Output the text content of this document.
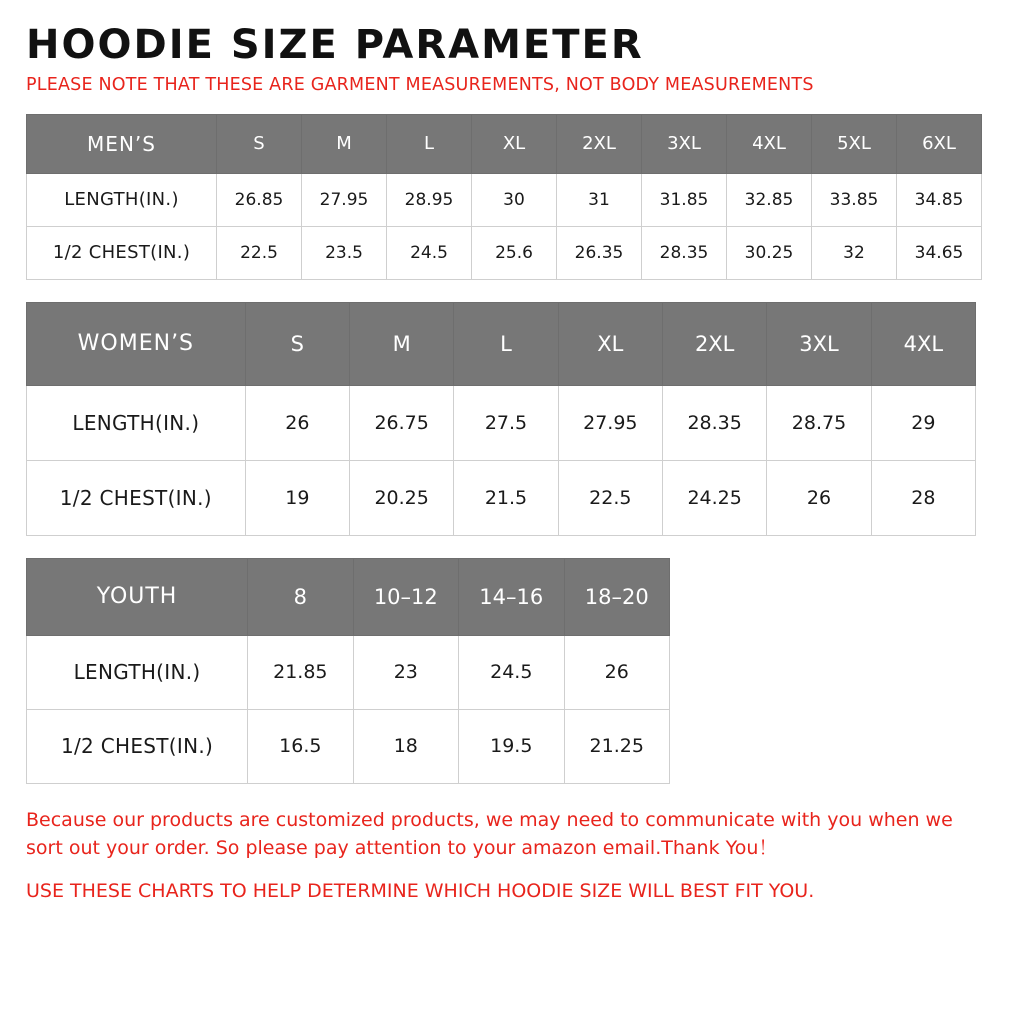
HOODIE SIZE PARAMETER

PLEASE NOTE THAT THESE ARE GARMENT MEASUREMENTS, NOT BODY MEASUREMENTS

MEN’S	S	M	L	XL	2XL	3XL	4XL	5XL	6XL
LENGTH(IN.)	26.85	27.95	28.95	30	31	31.85	32.85	33.85	34.85
1/2 CHEST(IN.)	22.5	23.5	24.5	25.6	26.35	28.35	30.25	32	34.65
WOMEN’S	S	M	L	XL	2XL	3XL	4XL
LENGTH(IN.)	26	26.75	27.5	27.95	28.35	28.75	29
1/2 CHEST(IN.)	19	20.25	21.5	22.5	24.25	26	28
YOUTH	8	10–12	14–16	18–20
LENGTH(IN.)	21.85	23	24.5	26
1/2 CHEST(IN.)	16.5	18	19.5	21.25

Because our products are customized products, we may need to communicate with you when we sort out your order. So please pay attention to your amazon email.Thank You！

USE THESE CHARTS TO HELP DETERMINE WHICH HOODIE SIZE WILL BEST FIT YOU.
